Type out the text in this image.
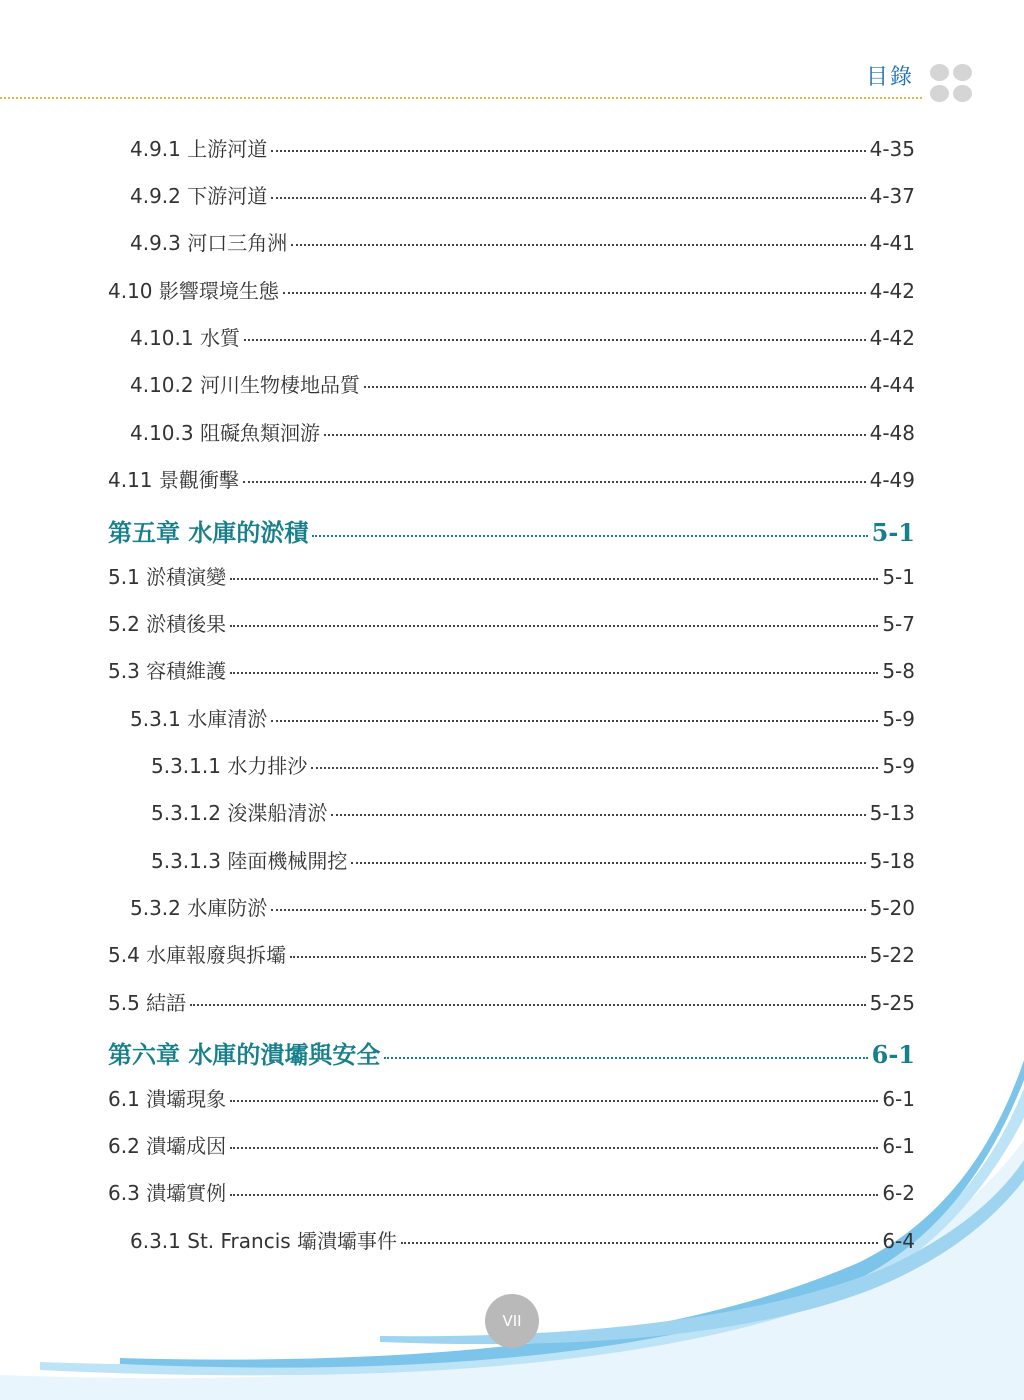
目錄
4.9.1 上游河道	4-35
4.9.2 下游河道	4-37
4.9.3 河口三角洲	4-41
4.10 影響環境生態	4-42
4.10.1 水質	4-42
4.10.2 河川生物棲地品質	4-44
4.10.3 阻礙魚類洄游	4-48
4.11 景觀衝擊	4-49
第五章 水庫的淤積	5-1
5.1 淤積演變	5-1
5.2 淤積後果	5-7
5.3 容積維護	5-8
5.3.1 水庫清淤	5-9
5.3.1.1 水力排沙	5-9
5.3.1.2 浚渫船清淤	5-13
5.3.1.3 陸面機械開挖	5-18
5.3.2 水庫防淤	5-20
5.4 水庫報廢與拆壩	5-22
5.5 結語	5-25
第六章 水庫的潰壩與安全	6-1
6.1 潰壩現象	6-1
6.2 潰壩成因	6-1
6.3 潰壩實例	6-2
6.3.1 St. Francis 壩潰壩事件	6-4
VII
